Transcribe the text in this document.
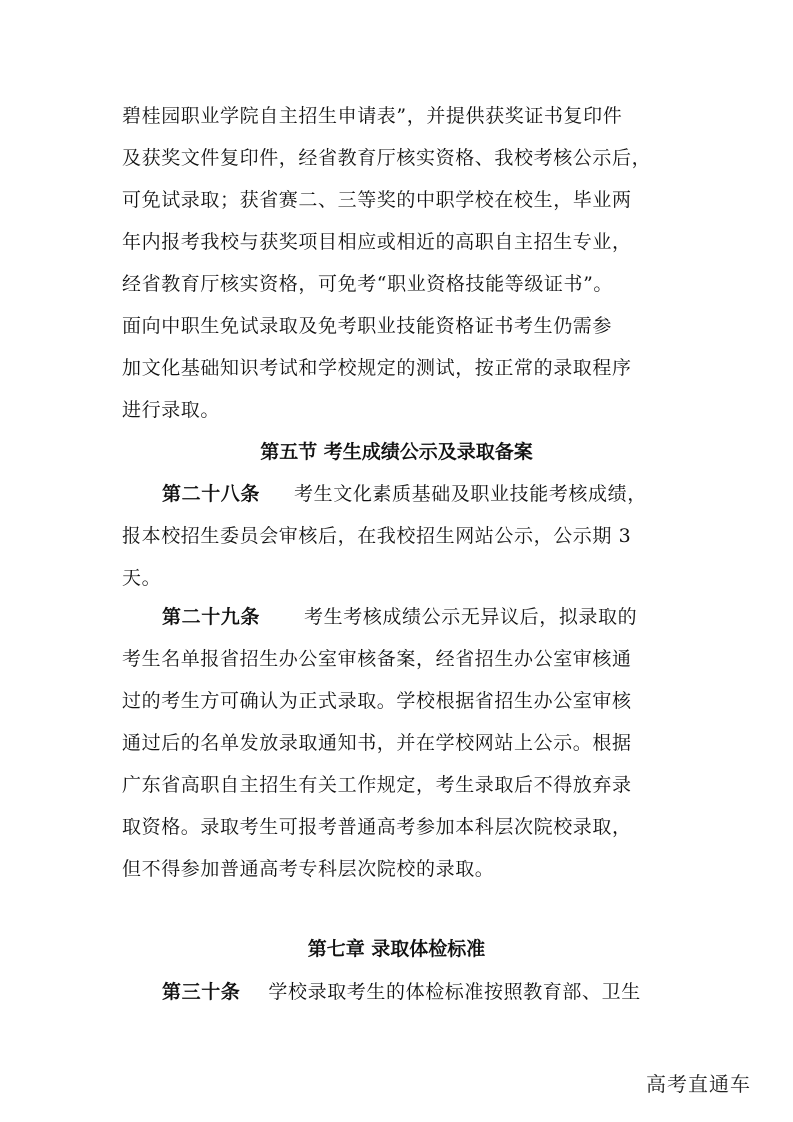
碧桂园职业学院自主招生申请表”，并提供获奖证书复印件
及获奖文件复印件，经省教育厅核实资格、我校考核公示后，
可免试录取；获省赛二、三等奖的中职学校在校生，毕业两
年内报考我校与获奖项目相应或相近的高职自主招生专业，
经省教育厅核实资格，可免考“职业资格技能等级证书”。
面向中职生免试录取及免考职业技能资格证书考生仍需参
加文化基础知识考试和学校规定的测试，按正常的录取程序
进行录取。
第五节 考生成绩公示及录取备案
第二十八条 考生文化素质基础及职业技能考核成绩，
报本校招生委员会审核后，在我校招生网站公示，公示期 3
天。
第二十九条 考生考核成绩公示无异议后，拟录取的
考生名单报省招生办公室审核备案，经省招生办公室审核通
过的考生方可确认为正式录取。学校根据省招生办公室审核
通过后的名单发放录取通知书，并在学校网站上公示。根据
广东省高职自主招生有关工作规定，考生录取后不得放弃录
取资格。录取考生可报考普通高考参加本科层次院校录取，
但不得参加普通高考专科层次院校的录取。
第七章 录取体检标准
第三十条 学校录取考生的体检标准按照教育部、卫生
高考直通车
